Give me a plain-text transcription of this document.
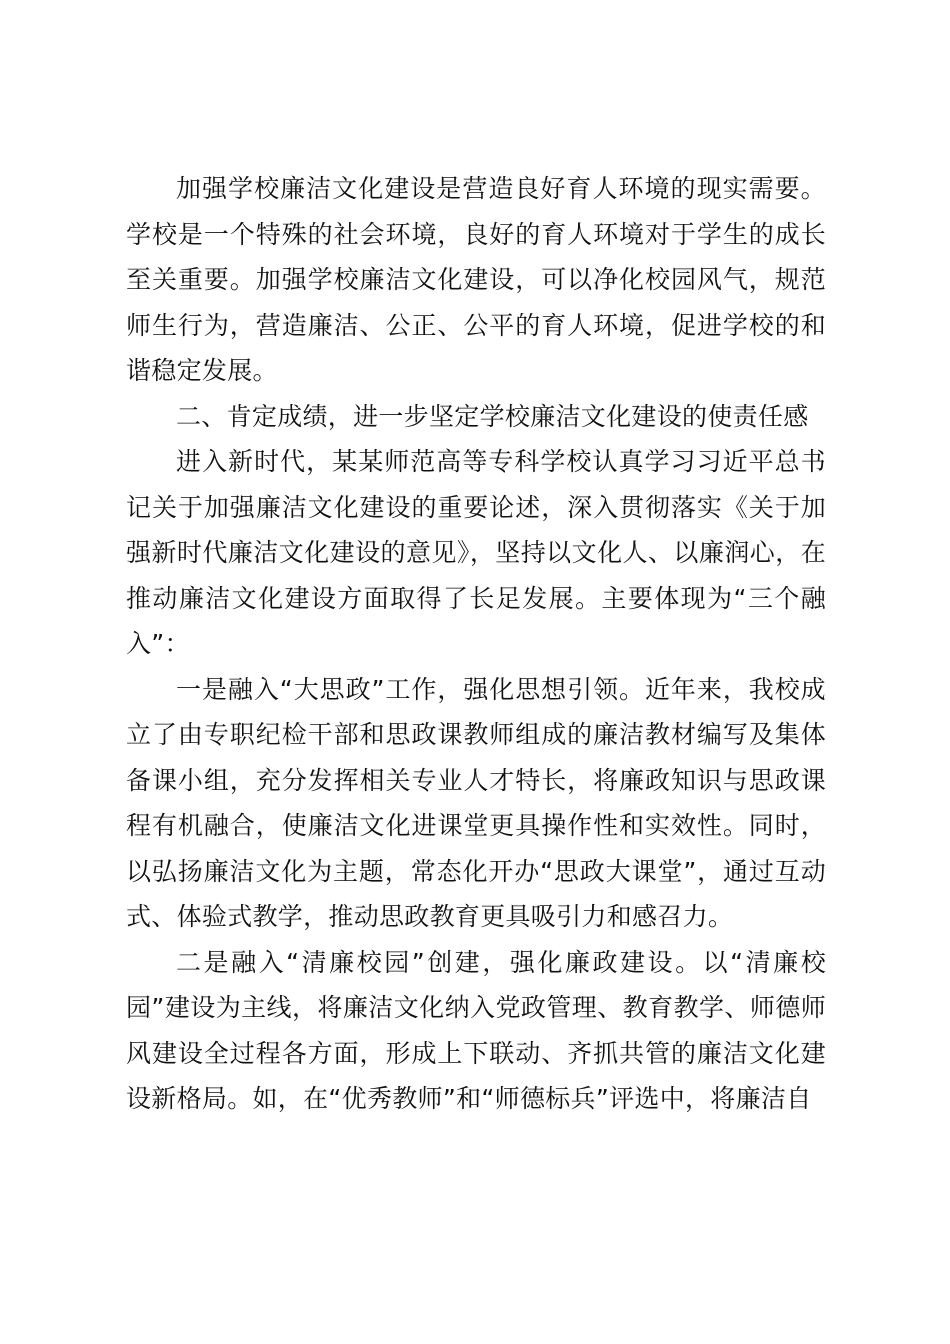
加强学校廉洁文化建设是营造良好育人环境的现实需要。学校是一个特殊的社会环境，良好的育人环境对于学生的成长至关重要。加强学校廉洁文化建设，可以净化校园风气，规范师生行为，营造廉洁、公正、公平的育人环境，促进学校的和谐稳定发展。

二、肯定成绩，进一步坚定学校廉洁文化建设的使责任感

进入新时代，某某师范高等专科学校认真学习习近平总书记关于加强廉洁文化建设的重要论述，深入贯彻落实《关于加强新时代廉洁文化建设的意见》，坚持以文化人、以廉润心，在推动廉洁文化建设方面取得了长足发展。主要体现为“三个融入”：

一是融入“大思政”工作，强化思想引领。近年来，我校成立了由专职纪检干部和思政课教师组成的廉洁教材编写及集体备课小组，充分发挥相关专业人才特长，将廉政知识与思政课程有机融合，使廉洁文化进课堂更具操作性和实效性。同时，以弘扬廉洁文化为主题，常态化开办“思政大课堂”，通过互动式、体验式教学，推动思政教育更具吸引力和感召力。

二是融入“清廉校园”创建，强化廉政建设。以“清廉校园”建设为主线，将廉洁文化纳入党政管理、教育教学、师德师风建设全过程各方面，形成上下联动、齐抓共管的廉洁文化建设新格局。如，在“优秀教师”和“师德标兵”评选中，将廉洁自
